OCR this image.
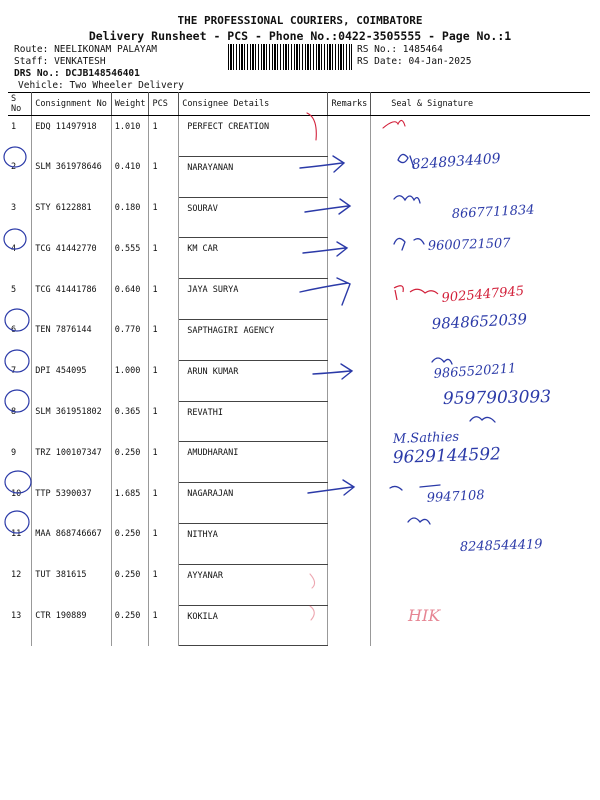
THE PROFESSIONAL COURIERS, COIMBATORE
Delivery Runsheet - PCS - Phone No.:0422-3505555 - Page No.:1
Route: NEELIKONAM PALAYAM
Staff: VENKATESH
DRS No.: DCJB148546401
Vehicle: Two Wheeler Delivery
RS No.: 1485464
RS Date: 04-Jan-2025
S No	Consignment No	Weight	PCS	Consignee Details	Remarks	Seal & Signature
1	EDQ 11497918	1.010	1	PERFECT CREATION		
2	SLM 361978646	0.410	1	NARAYANAN		
3	STY 6122881	0.180	1	SOURAV		
4	TCG 41442770	0.555	1	KM CAR		
5	TCG 41441786	0.640	1	JAYA SURYA		
6	TEN 7876144	0.770	1	SAPTHAGIRI AGENCY		
7	DPI 454095	1.000	1	ARUN KUMAR		
8	SLM 361951802	0.365	1	REVATHI		
9	TRZ 100107347	0.250	1	AMUDHARANI		
10	TTP 5390037	1.685	1	NAGARAJAN		
11	MAA 868746667	0.250	1	NITHYA		
12	TUT 381615	0.250	1	AYYANAR		
13	CTR 190889	0.250	1	KOKILA		
8248934409
8667711834
9600721507
9848652039
9865520211
9597903093
M.Sathies
9629144592
9947108
8248544419
9025447945
HIK
